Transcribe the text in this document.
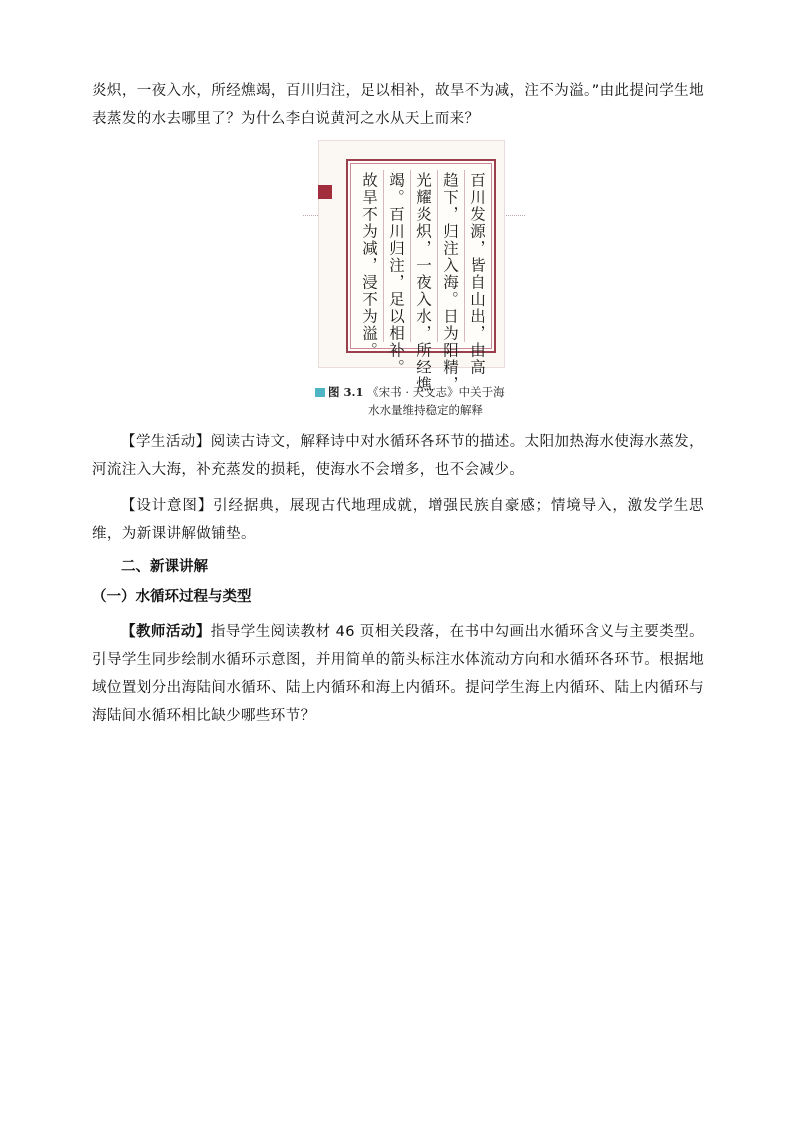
炎炽，一夜入水，所经燋竭，百川归注，足以相补，故旱不为减，注不为溢。”由此提问学生地表蒸发的水去哪里了？为什么李白说黄河之水从天上而来？

百川发源，皆自山出，由高
趋下，归注入海。日为阳精，
光耀炎炽，一夜入水，所经燋
竭。百川归注，足以相补。
故旱不为减，浸不为溢。
图 3.1 《宋书 · 天文志》中关于海
水水量维持稳定的解释

【学生活动】阅读古诗文，解释诗中对水循环各环节的描述。太阳加热海水使海水蒸发，河流注入大海，补充蒸发的损耗，使海水不会增多，也不会减少。

【设计意图】引经据典，展现古代地理成就，增强民族自豪感；情境导入，激发学生思维，为新课讲解做铺垫。

二、新课讲解
（一）水循环过程与类型

【教师活动】指导学生阅读教材 46 页相关段落，在书中勾画出水循环含义与主要类型。引导学生同步绘制水循环示意图，并用简单的箭头标注水体流动方向和水循环各环节。根据地域位置划分出海陆间水循环、陆上内循环和海上内循环。提问学生海上内循环、陆上内循环与海陆间水循环相比缺少哪些环节？
